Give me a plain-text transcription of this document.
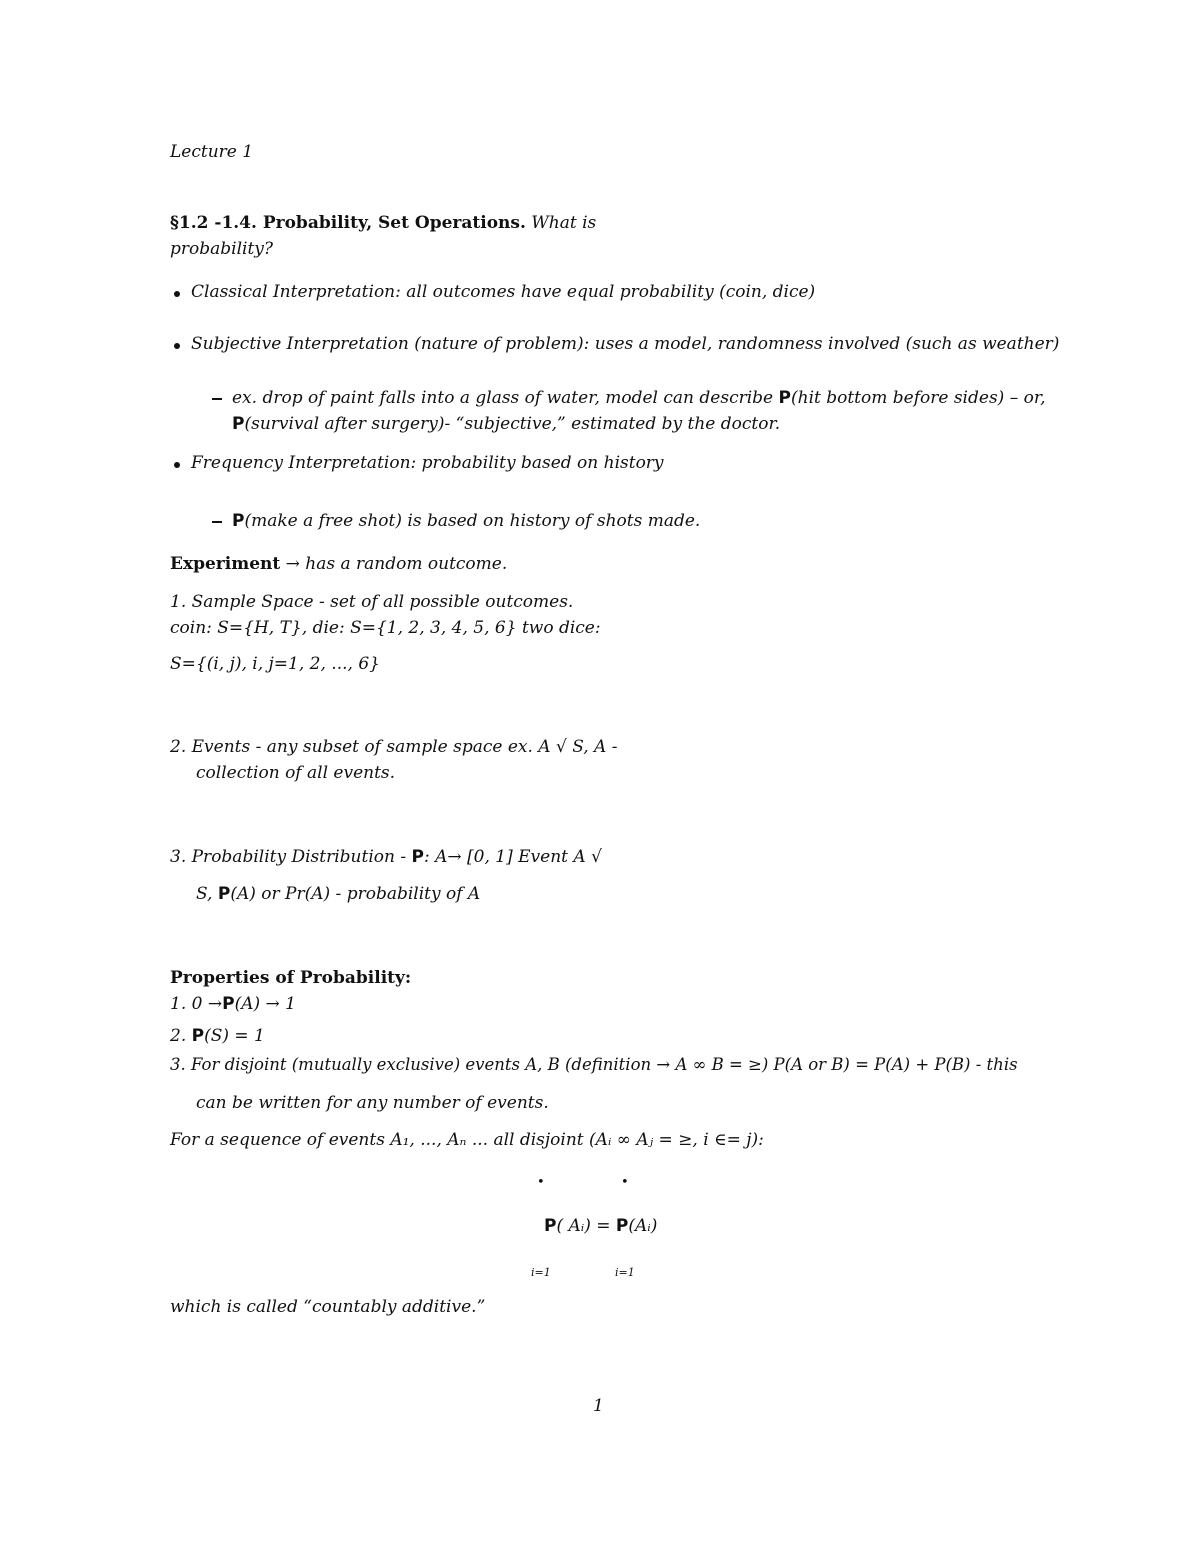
Lecture 1
§1.2 -1.4. Probability, Set Operations. What is
probability?
Classical Interpretation: all outcomes have equal probability (coin, dice)
Subjective Interpretation (nature of problem): uses a model, randomness involved (such as weather)
ex. drop of paint falls into a glass of water, model can describe P(hit bottom before sides) – or,
P(survival after surgery)- “subjective,” estimated by the doctor.
Frequency Interpretation: probability based on history
P(make a free shot) is based on history of shots made.
Experiment → has a random outcome.
1. Sample Space - set of all possible outcomes.
coin: S={H, T}, die: S={1, 2, 3, 4, 5, 6} two dice:
S={(i, j), i, j=1, 2, ..., 6}
2. Events - any subset of sample space ex. A √ S, A -
collection of all events.
3. Probability Distribution - P: A→ [0, 1] Event A √
S, P(A) or Pr(A) - probability of A
Properties of Probability:
1. 0 →P(A) → 1
2. P(S) = 1
3. For disjoint (mutually exclusive) events A, B (definition → A ∞ B = ≥) P(A or B) = P(A) + P(B) - this
can be written for any number of events.
For a sequence of events A₁, ..., Aₙ ... all disjoint (Aᵢ ∞ Aⱼ = ≥, i ∈= j):
•	•
P( Aᵢ) = P(Aᵢ)
i=1	i=1
which is called “countably additive.”
1
